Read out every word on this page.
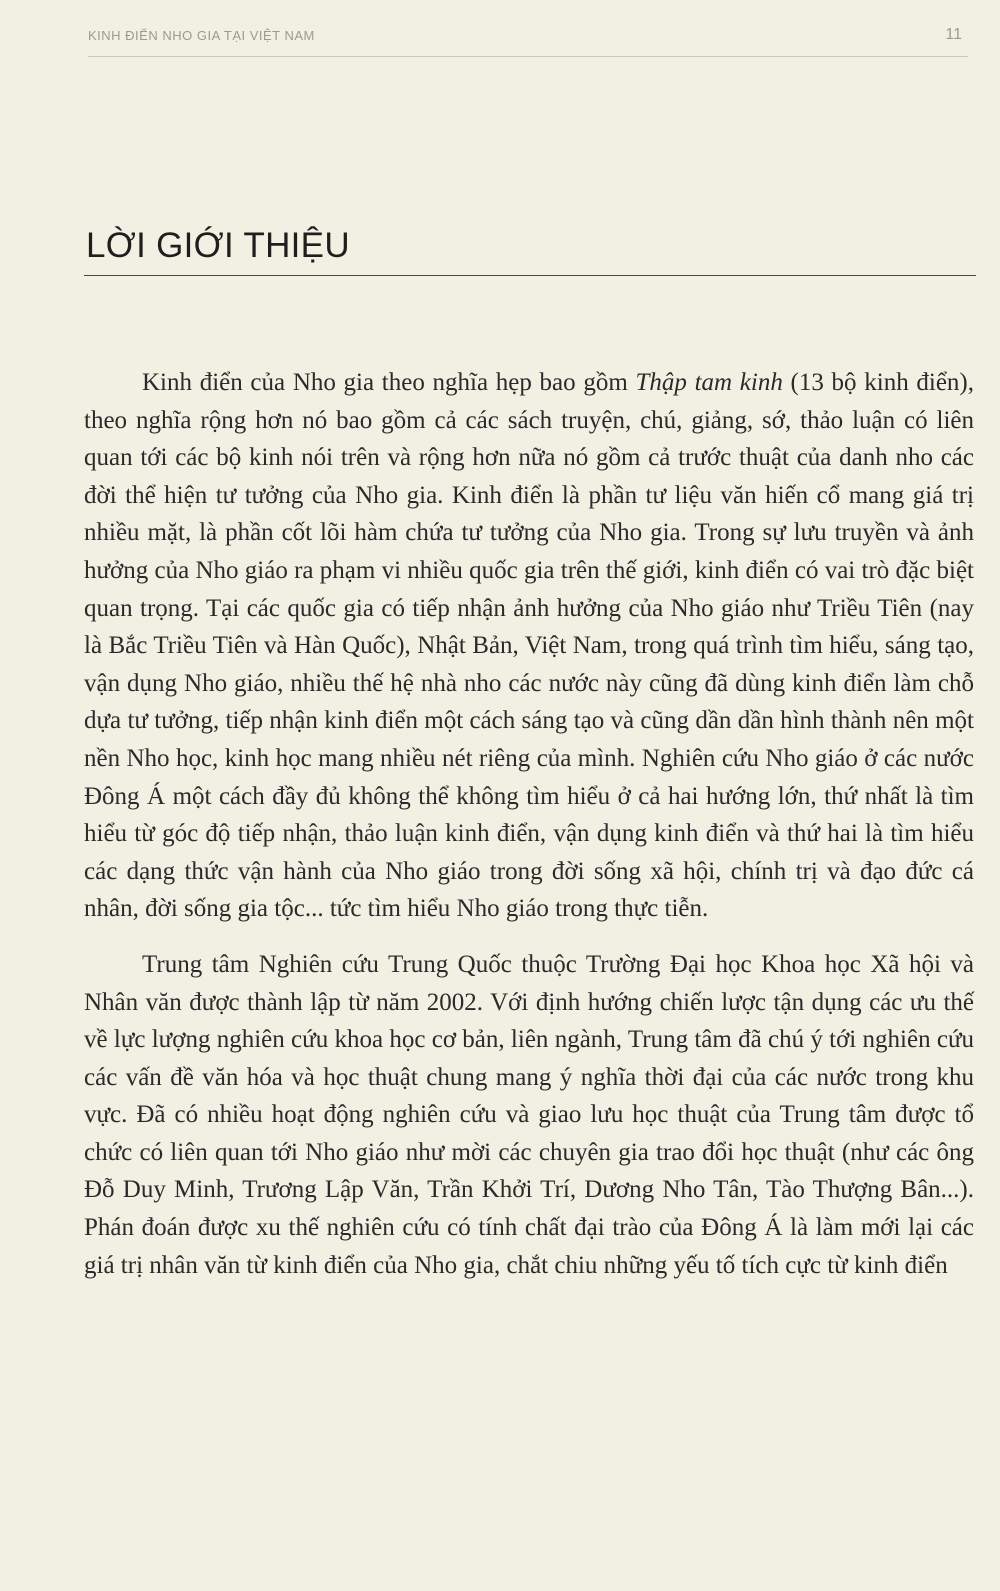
KINH ĐIỂN NHO GIA TẠI VIỆT NAM	11
LỜI GIỚI THIỆU

Kinh điển của Nho gia theo nghĩa hẹp bao gồm Thập tam kinh (13 bộ kinh điển), theo nghĩa rộng hơn nó bao gồm cả các sách truyện, chú, giảng, sớ, thảo luận có liên quan tới các bộ kinh nói trên và rộng hơn nữa nó gồm cả trước thuật của danh nho các đời thể hiện tư tưởng của Nho gia. Kinh điển là phần tư liệu văn hiến cổ mang giá trị nhiều mặt, là phần cốt lõi hàm chứa tư tưởng của Nho gia. Trong sự lưu truyền và ảnh hưởng của Nho giáo ra phạm vi nhiều quốc gia trên thế giới, kinh điển có vai trò đặc biệt quan trọng. Tại các quốc gia có tiếp nhận ảnh hưởng của Nho giáo như Triều Tiên (nay là Bắc Triều Tiên và Hàn Quốc), Nhật Bản, Việt Nam, trong quá trình tìm hiểu, sáng tạo, vận dụng Nho giáo, nhiều thế hệ nhà nho các nước này cũng đã dùng kinh điển làm chỗ dựa tư tưởng, tiếp nhận kinh điển một cách sáng tạo và cũng dần dần hình thành nên một nền Nho học, kinh học mang nhiều nét riêng của mình. Nghiên cứu Nho giáo ở các nước Đông Á một cách đầy đủ không thể không tìm hiểu ở cả hai hướng lớn, thứ nhất là tìm hiểu từ góc độ tiếp nhận, thảo luận kinh điển, vận dụng kinh điển và thứ hai là tìm hiểu các dạng thức vận hành của Nho giáo trong đời sống xã hội, chính trị và đạo đức cá nhân, đời sống gia tộc... tức tìm hiểu Nho giáo trong thực tiễn.

Trung tâm Nghiên cứu Trung Quốc thuộc Trường Đại học Khoa học Xã hội và Nhân văn được thành lập từ năm 2002. Với định hướng chiến lược tận dụng các ưu thế về lực lượng nghiên cứu khoa học cơ bản, liên ngành, Trung tâm đã chú ý tới nghiên cứu các vấn đề văn hóa và học thuật chung mang ý nghĩa thời đại của các nước trong khu vực. Đã có nhiều hoạt động nghiên cứu và giao lưu học thuật của Trung tâm được tổ chức có liên quan tới Nho giáo như mời các chuyên gia trao đổi học thuật (như các ông Đỗ Duy Minh, Trương Lập Văn, Trần Khởi Trí, Dương Nho Tân, Tào Thượng Bân...). Phán đoán được xu thế nghiên cứu có tính chất đại trào của Đông Á là làm mới lại các giá trị nhân văn từ kinh điển của Nho gia, chắt chiu những yếu tố tích cực từ kinh điển
